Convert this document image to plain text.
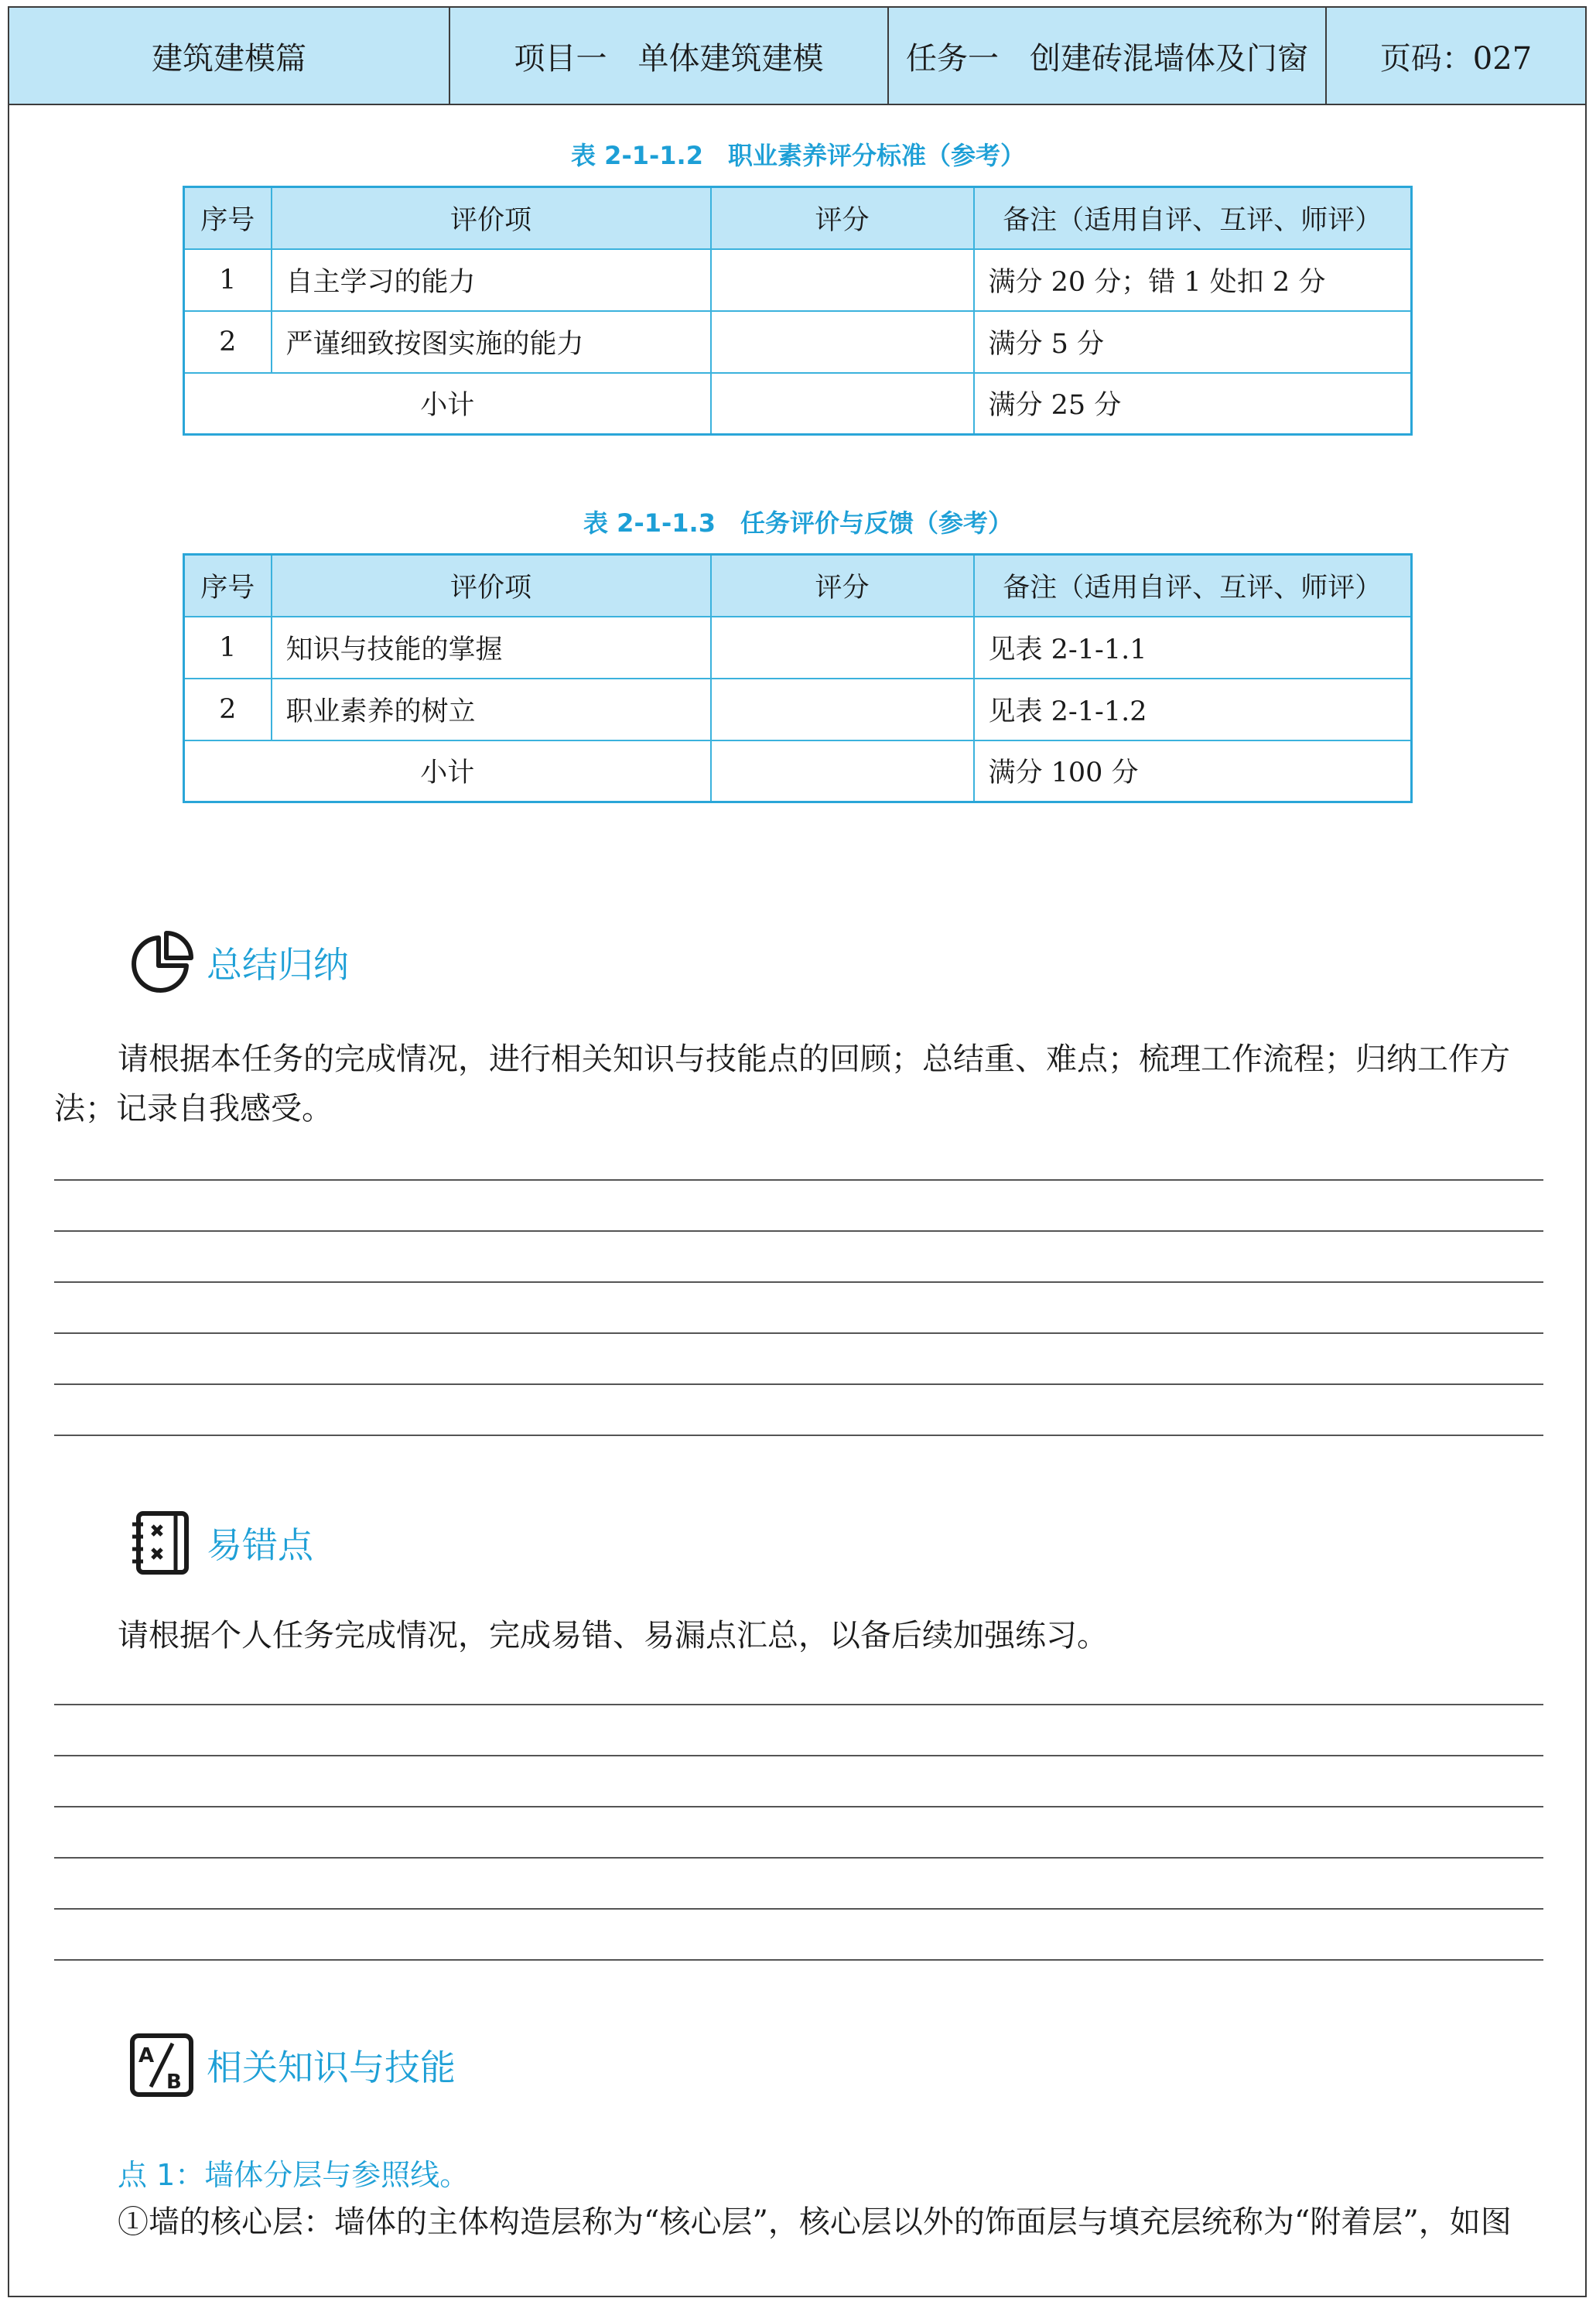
建筑建模篇	项目一　单体建筑建模	任务一　创建砖混墙体及门窗	页码：027
表 2-1-1.2　职业素养评分标准（参考）
序号	评价项	评分	备注（适用自评、互评、师评）
1	自主学习的能力		满分 20 分；错 1 处扣 2 分
2	严谨细致按图实施的能力		满分 5 分
小计			满分 25 分
表 2-1-1.3　任务评价与反馈（参考）
序号	评价项	评分	备注（适用自评、互评、师评）
1	知识与技能的掌握		见表 2-1-1.1
2	职业素养的树立		见表 2-1-1.2
小计			满分 100 分
总结归纳

请根据本任务的完成情况，进行相关知识与技能点的回顾；总结重、难点；梳理工作流程；归纳工作方法；记录自我感受。

易错点

请根据个人任务完成情况，完成易错、易漏点汇总，以备后续加强练习。

A
B 相关知识与技能
点 1：墙体分层与参照线。

①墙的核心层：墙体的主体构造层称为“核心层”，核心层以外的饰面层与填充层统称为“附着层”，如图
